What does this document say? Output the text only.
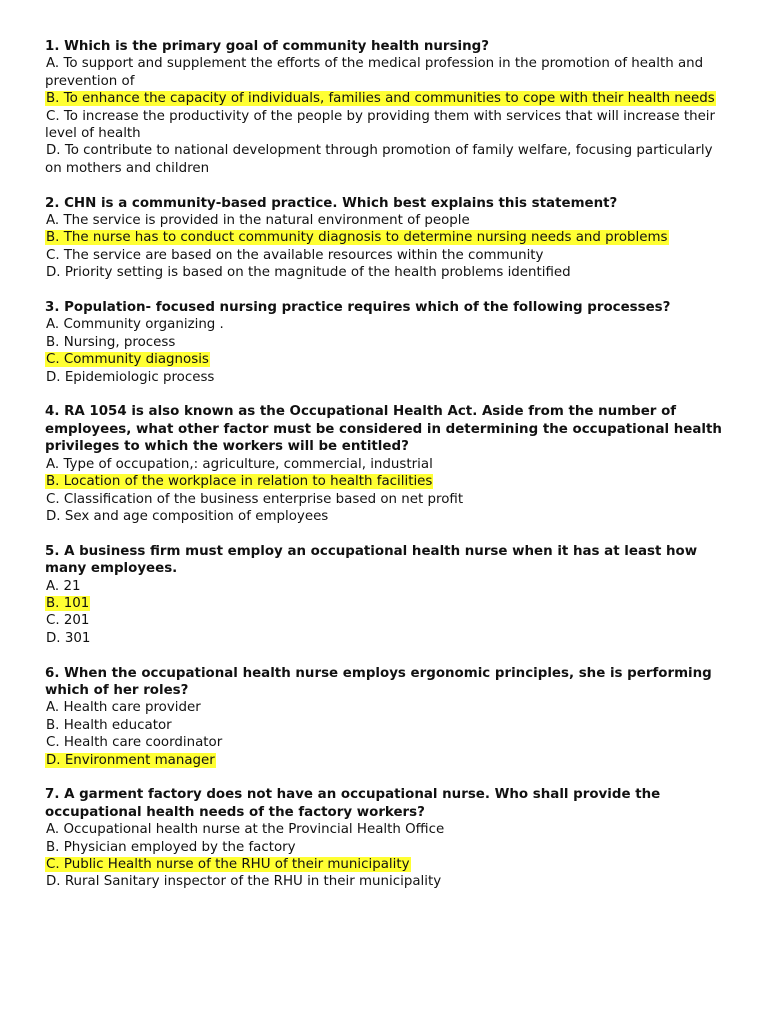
1. Which is the primary goal of community health nursing?
A. To support and supplement the efforts of the medical profession in the promotion of health and prevention of
B. To enhance the capacity of individuals, families and communities to cope with their health needs
C. To increase the productivity of the people by providing them with services that will increase their level of health
D. To contribute to national development through promotion of family welfare, focusing particularly on mothers and children
2. CHN is a community-based practice. Which best explains this statement?
A. The service is provided in the natural environment of people
B. The nurse has to conduct community diagnosis to determine nursing needs and problems
C. The service are based on the available resources within the community
D. Priority setting is based on the magnitude of the health problems identified
3. Population- focused nursing practice requires which of the following processes?
A. Community organizing .
B. Nursing, process
C. Community diagnosis
D. Epidemiologic process
4. RA 1054 is also known as the Occupational Health Act. Aside from the number of employees, what other factor must be considered in determining the occupational health privileges to which the workers will be entitled?
A. Type of occupation,: agriculture, commercial, industrial
B. Location of the workplace in relation to health facilities
C. Classification of the business enterprise based on net profit
D. Sex and age composition of employees
5. A business firm must employ an occupational health nurse when it has at least how many employees.
A. 21
B. 101
C. 201
D. 301
6. When the occupational health nurse employs ergonomic principles, she is performing which of her roles?
A. Health care provider
B. Health educator
C. Health care coordinator
D. Environment manager
7. A garment factory does not have an occupational nurse. Who shall provide the occupational health needs of the factory workers?
A. Occupational health nurse at the Provincial Health Office
B. Physician employed by the factory
C. Public Health nurse of the RHU of their municipality
D. Rural Sanitary inspector of the RHU in their municipality
